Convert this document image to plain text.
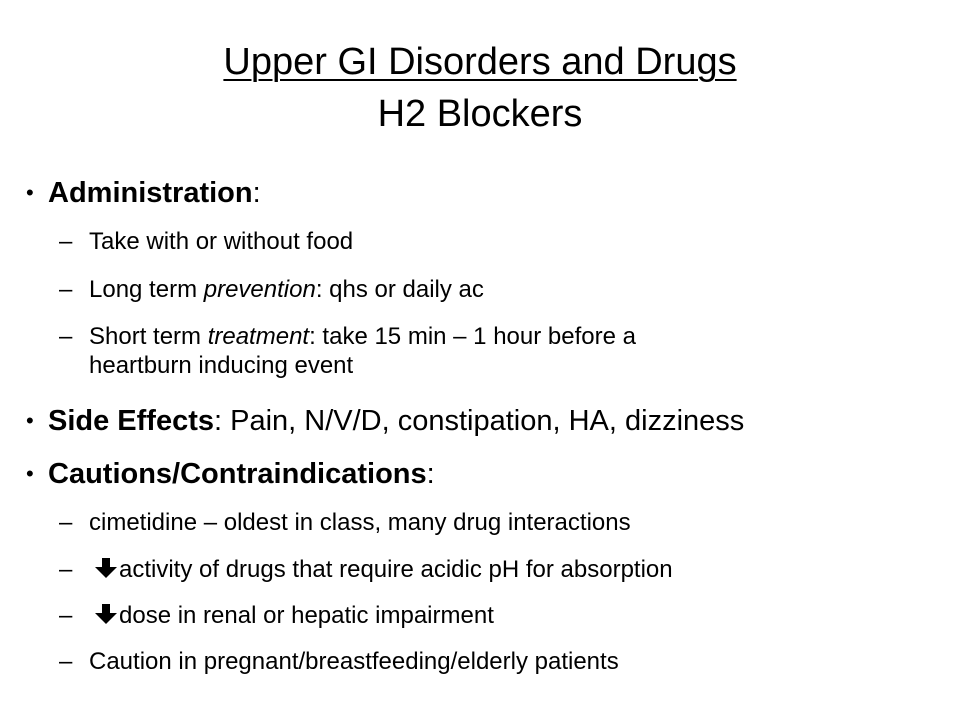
Upper GI Disorders and Drugs
H2 Blockers
• Administration:
– Take with or without food
– Long term prevention: qhs or daily ac
– Short term treatment: take 15 min – 1 hour before a
heartburn inducing event
• Side Effects: Pain, N/V/D, constipation, HA, dizziness
• Cautions/Contraindications:
– cimetidine – oldest in class, many drug interactions
– activity of drugs that require acidic pH for absorption
– dose in renal or hepatic impairment
– Caution in pregnant/breastfeeding/elderly patients
